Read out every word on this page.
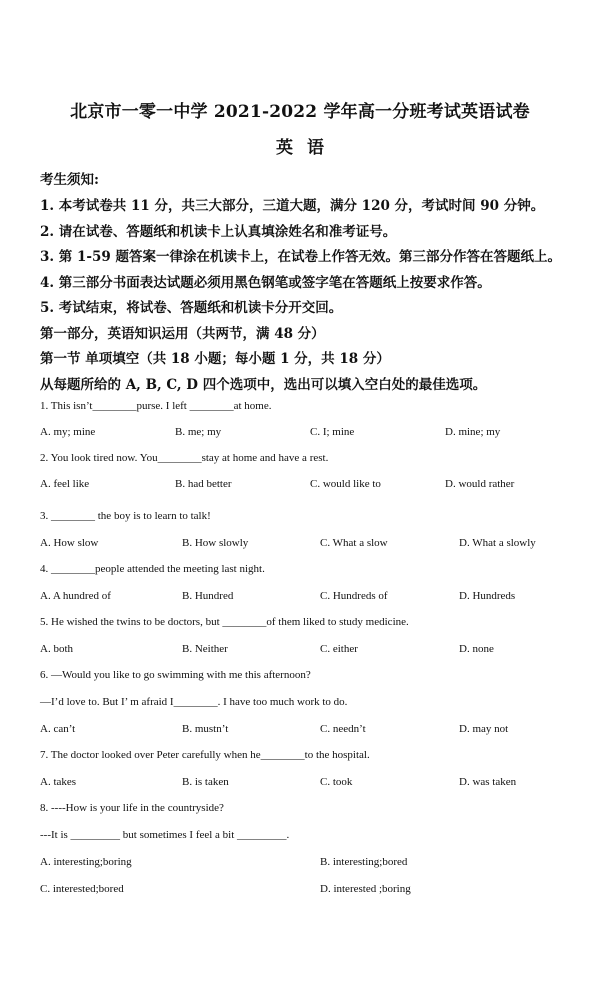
北京市一零一中学 2021-2022 学年高一分班考试英语试卷
英语
考生须知:
1. 本考试卷共 11 分，共三大部分，三道大题，满分 120 分，考试时间 90 分钟。
2. 请在试卷、答题纸和机读卡上认真填涂姓名和准考证号。
3. 第 1-59 题答案一律涂在机读卡上，在试卷上作答无效。第三部分作答在答题纸上。
4. 第三部分书面表达试题必须用黑色钢笔或签字笔在答题纸上按要求作答。
5. 考试结束，将试卷、答题纸和机读卡分开交回。
第一部分，英语知识运用（共两节，满 48 分）
第一节 单项填空（共 18 小题；每小题 1 分，共 18 分）
从每题所给的 A, B, C, D 四个选项中，选出可以填入空白处的最佳选项。
1. This isn’t________purse. I left ________at home.
A. my; mine	B. me; my	C. I; mine	D. mine; my
2. You look tired now. You________stay at home and have a rest.
A. feel like	B. had better	C. would like to	D. would rather
3. ________ the boy is to learn to talk!
A. How slow	B. How slowly	C. What a slow	D. What a slowly
4. ________people attended the meeting last night.
A. A hundred of	B. Hundred	C. Hundreds of	D. Hundreds
5. He wished the twins to be doctors, but ________of them liked to study medicine.
A. both	B. Neither	C. either	D. none
6. —Would you like to go swimming with me this afternoon?
—I’d love to. But I’ m afraid I________. I have too much work to do.
A. can’t	B. mustn’t	C. needn’t	D. may not
7. The doctor looked over Peter carefully when he________to the hospital.
A. takes	B. is taken	C. took	D. was taken
8. ----How is your life in the countryside?
---It is _________ but sometimes I feel a bit _________.
A. interesting;boring	B. interesting;bored
C. interested;bored	D. interested ;boring
